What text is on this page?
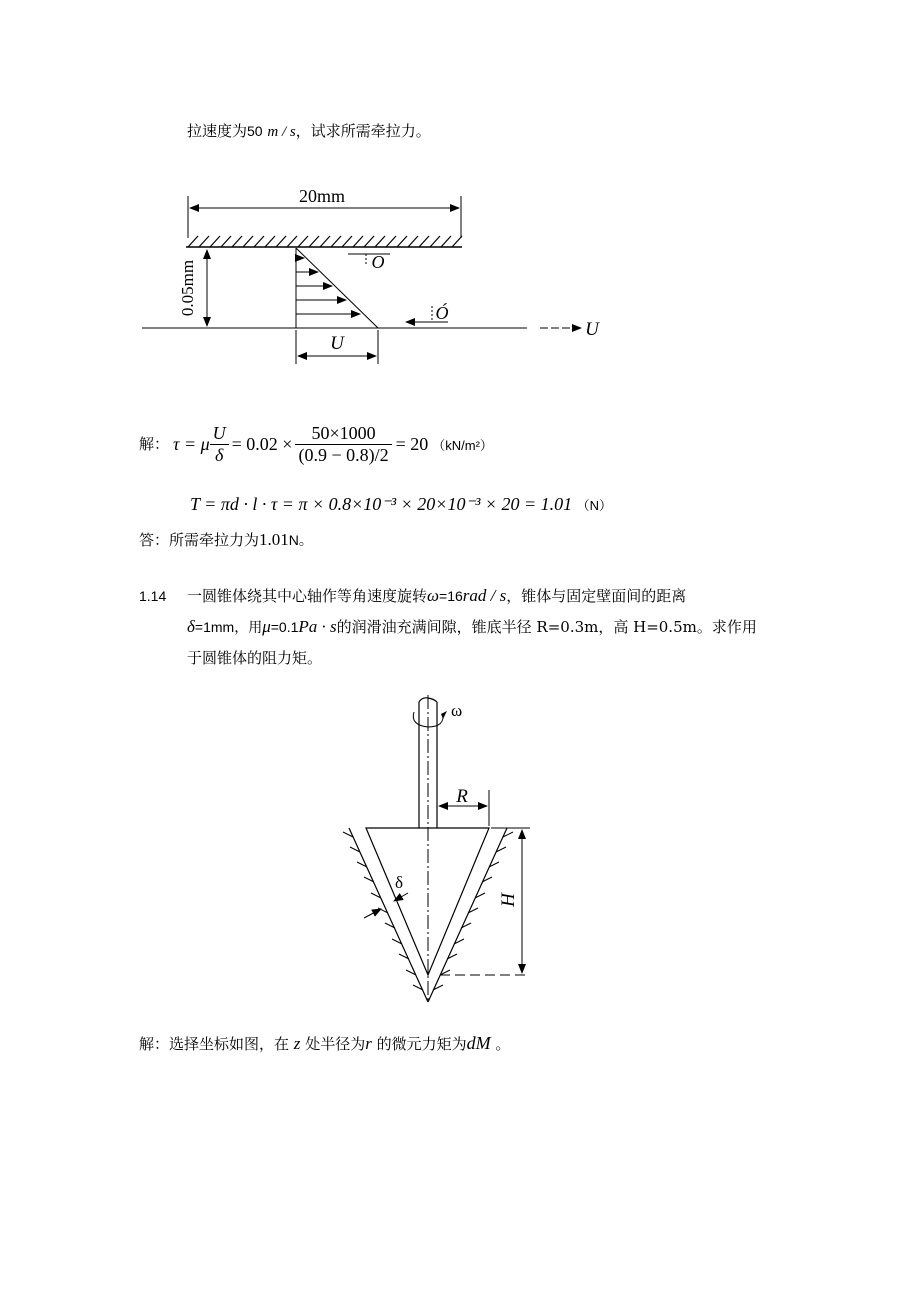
拉速度为50 m / s，试求所需牵拉力。
20mm
0.05mm	Ō
Ó
U
U
解： τ = μ $\frac{U}{\delta} = 0.02 \times \frac{50\times 1000}{(0.9 - 0.8)/2} = 20$ （kN/m²）
T = πd · l · τ = π × 0.8×10⁻³ × 20×10⁻³ × 20 = 1.01 （N）
答：所需牵拉力为1.01N。
1.14 一圆锥体绕其中心轴作等角速度旋转ω=16rad / s，锥体与固定壁面间的距离
δ=1mm，用μ=0.1Pa · s的润滑油充满间隙，锥底半径 R=0.3m，高 H=0.5m。求作用
于圆锥体的阻力矩。
ω
R
H
δ
解：选择坐标如图，在 z 处半径为r 的微元力矩为dM 。
